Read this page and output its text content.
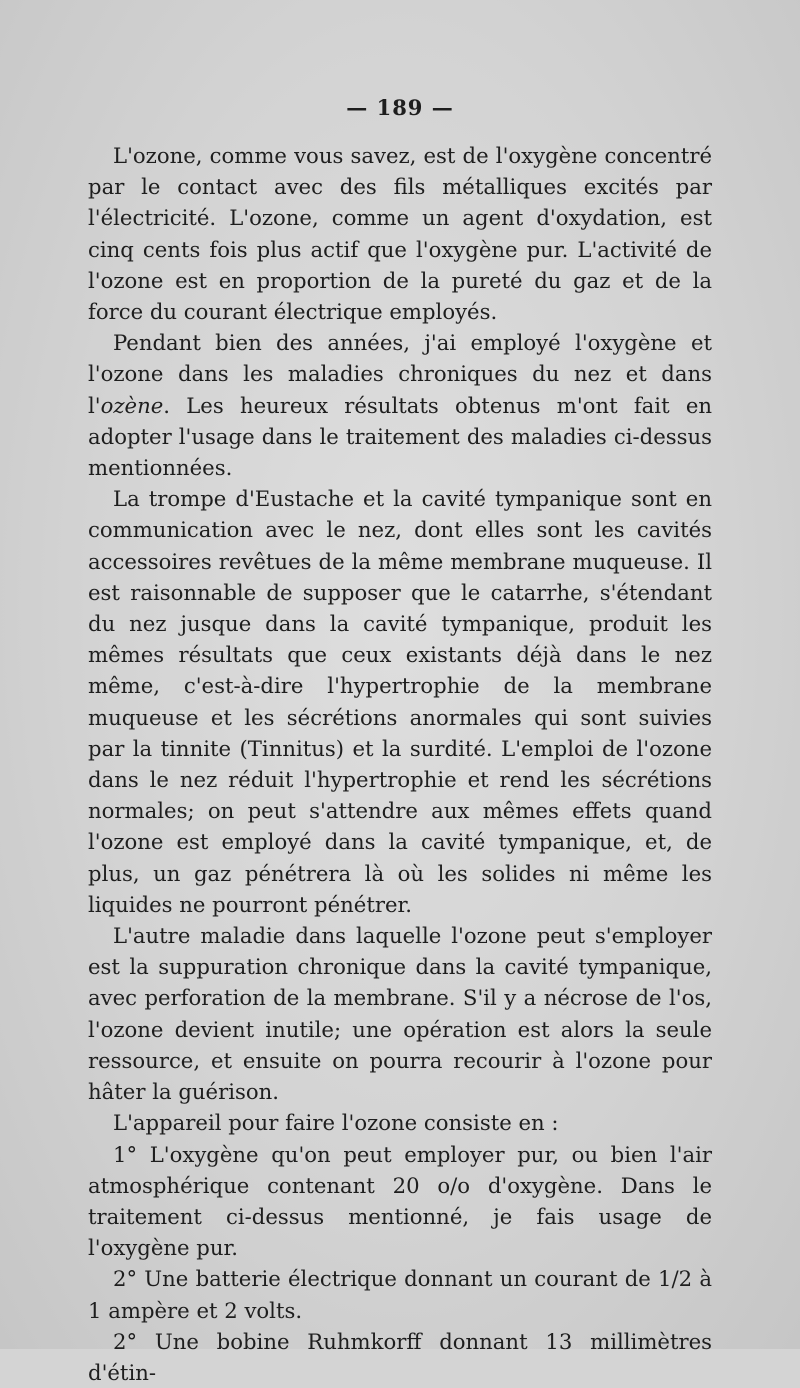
— 189 —

L'ozone, comme vous savez, est de l'oxygène concentré par le contact avec des fils métalliques excités par l'électricité. L'ozone, comme un agent d'oxydation, est cinq cents fois plus actif que l'oxygène pur. L'activité de l'ozone est en proportion de la pureté du gaz et de la force du courant électrique employés.

Pendant bien des années, j'ai employé l'oxygène et l'ozone dans les maladies chroniques du nez et dans l'ozène. Les heureux résultats obtenus m'ont fait en adopter l'usage dans le traitement des maladies ci-dessus mentionnées.

La trompe d'Eustache et la cavité tympanique sont en communication avec le nez, dont elles sont les cavités accessoires revêtues de la même membrane muqueuse. Il est raisonnable de supposer que le catarrhe, s'étendant du nez jusque dans la cavité tympanique, produit les mêmes résultats que ceux existants déjà dans le nez même, c'est-à-dire l'hypertrophie de la membrane muqueuse et les sécrétions anormales qui sont suivies par la tinnite (Tinnitus) et la surdité. L'emploi de l'ozone dans le nez réduit l'hypertrophie et rend les sécrétions normales; on peut s'attendre aux mêmes effets quand l'ozone est employé dans la cavité tympanique, et, de plus, un gaz pénétrera là où les solides ni même les liquides ne pourront pénétrer.

L'autre maladie dans laquelle l'ozone peut s'employer est la suppuration chronique dans la cavité tympanique, avec perforation de la membrane. S'il y a nécrose de l'os, l'ozone devient inutile; une opération est alors la seule ressource, et ensuite on pourra recourir à l'ozone pour hâter la guérison.

L'appareil pour faire l'ozone consiste en :

1° L'oxygène qu'on peut employer pur, ou bien l'air atmosphérique contenant 20 o/o d'oxygène. Dans le traitement ci-dessus mentionné, je fais usage de l'oxygène pur.

2° Une batterie électrique donnant un courant de 1/2 à 1 ampère et 2 volts.

2° Une bobine Ruhmkorff donnant 13 millimètres d'étin-
